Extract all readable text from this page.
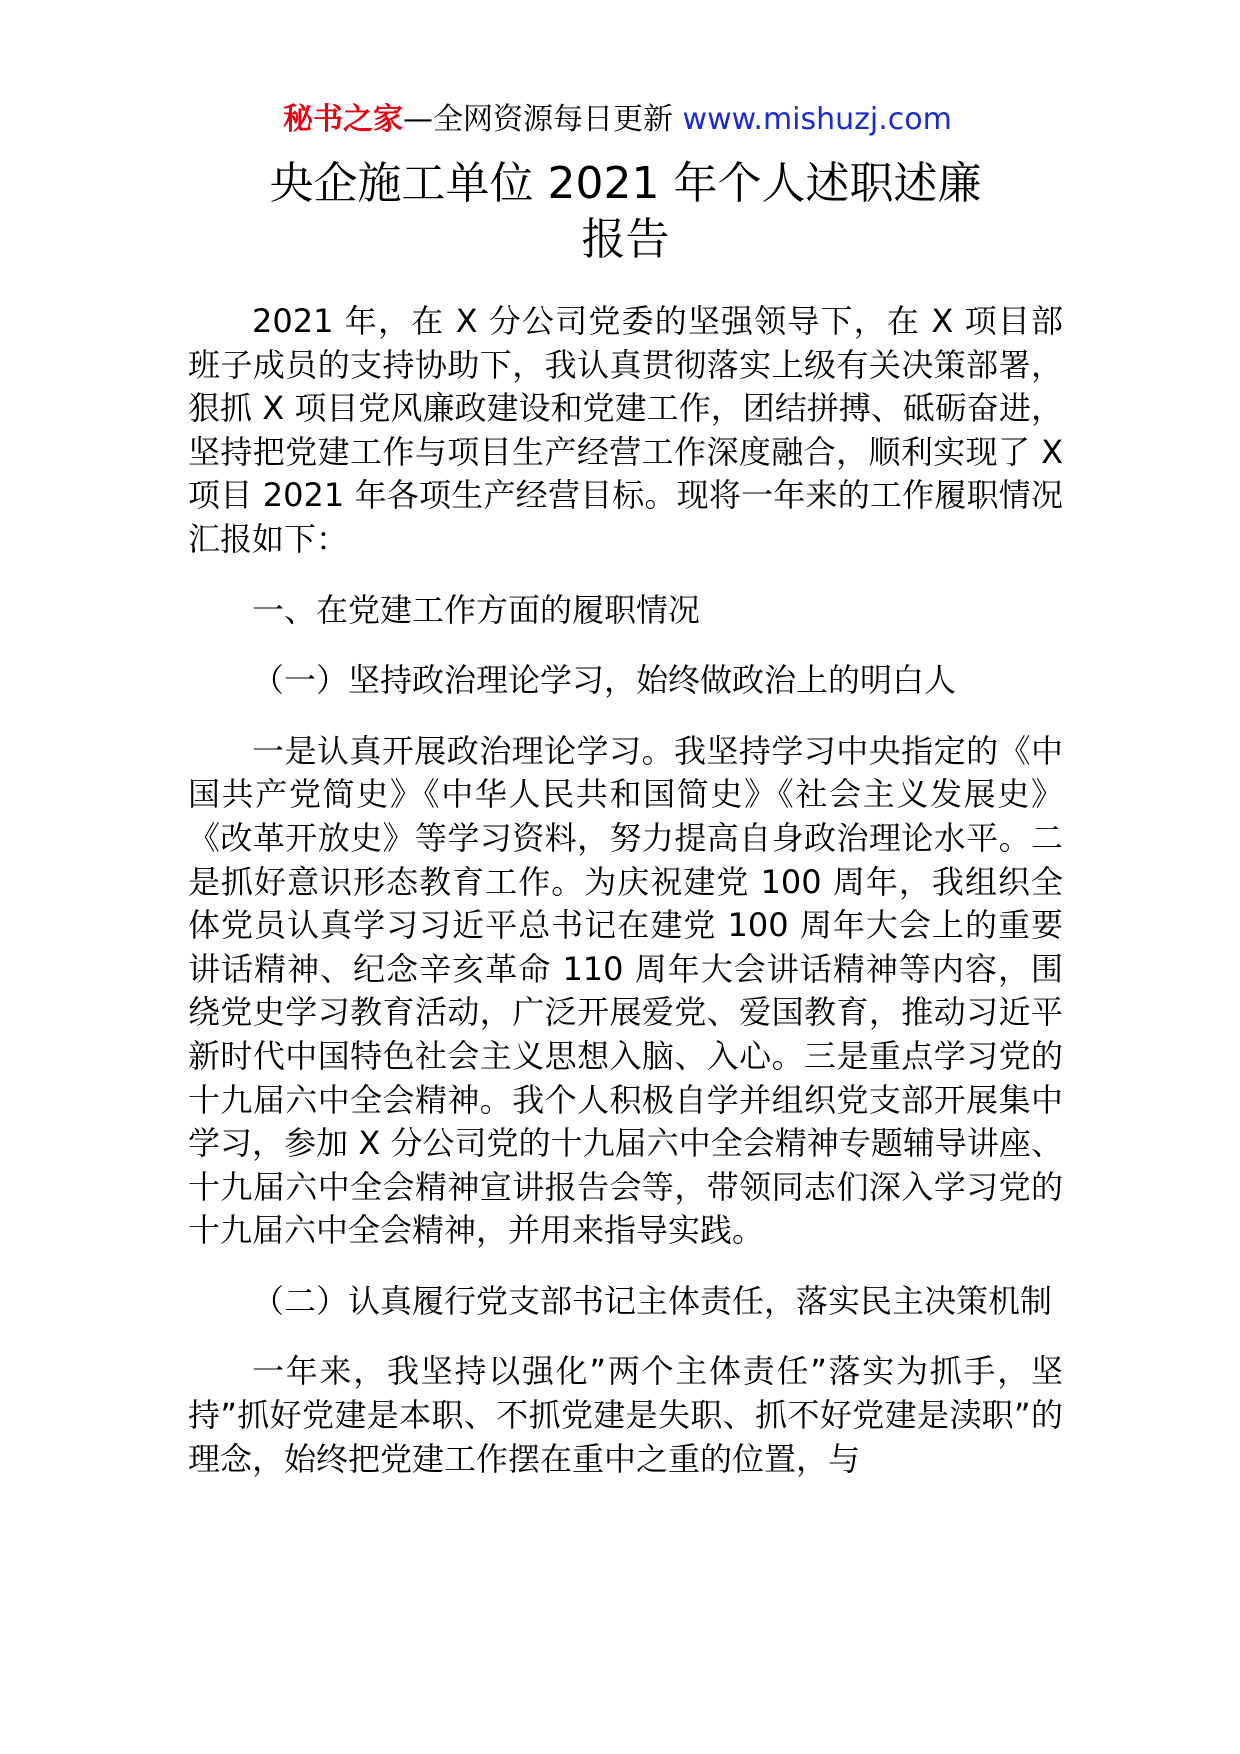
秘书之家—全网资源每日更新 www.mishuzj.com
央企施工单位 2021 年个人述职述廉
报告

2021 年，在 X 分公司党委的坚强领导下，在 X 项目部班子成员的支持协助下，我认真贯彻落实上级有关决策部署，狠抓 X 项目党风廉政建设和党建工作，团结拼搏、砥砺奋进，坚持把党建工作与项目生产经营工作深度融合，顺利实现了 X 项目 2021 年各项生产经营目标。现将一年来的工作履职情况汇报如下：

一、在党建工作方面的履职情况

（一）坚持政治理论学习，始终做政治上的明白人

一是认真开展政治理论学习。我坚持学习中央指定的《中国共产党简史》《中华人民共和国简史》《社会主义发展史》《改革开放史》等学习资料，努力提高自身政治理论水平。二是抓好意识形态教育工作。为庆祝建党 100 周年，我组织全体党员认真学习习近平总书记在建党 100 周年大会上的重要讲话精神、纪念辛亥革命 110 周年大会讲话精神等内容，围绕党史学习教育活动，广泛开展爱党、爱国教育，推动习近平新时代中国特色社会主义思想入脑、入心。三是重点学习党的十九届六中全会精神。我个人积极自学并组织党支部开展集中学习，参加 X 分公司党的十九届六中全会精神专题辅导讲座、十九届六中全会精神宣讲报告会等，带领同志们深入学习党的十九届六中全会精神，并用来指导实践。

（二）认真履行党支部书记主体责任，落实民主决策机制

一年来，我坚持以强化”两个主体责任”落实为抓手，坚持”抓好党建是本职、不抓党建是失职、抓不好党建是渎职”的理念，始终把党建工作摆在重中之重的位置，与
